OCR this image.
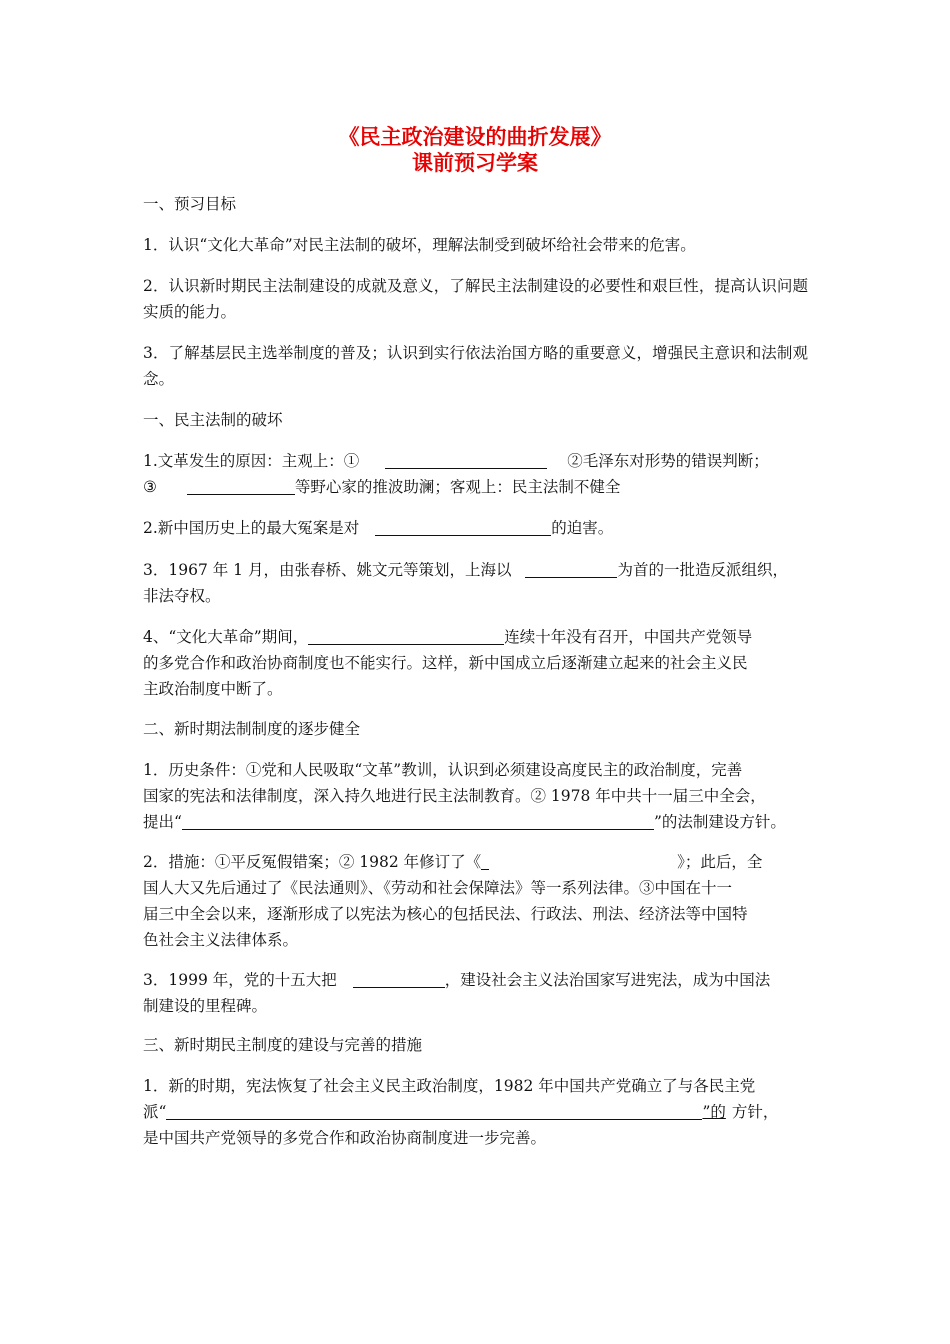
《民主政治建设的曲折发展》
课前预习学案
一、预习目标
1．认识“文化大革命”对民主法制的破坏，理解法制受到破坏给社会带来的危害。
2．认识新时期民主法制建设的成就及意义，了解民主法制建设的必要性和艰巨性，提高认识问题实质的能力。
3．了解基层民主选举制度的普及；认识到实行依法治国方略的重要意义，增强民主意识和法制观念。
一、民主法制的破坏
1.文革发生的原因：主观上：①	②毛泽东对形势的错误判断；
③	等野心家的推波助澜；客观上：民主法制不健全
2.新中国历史上的最大冤案是对	的迫害。
3．1967 年 1 月，由张春桥、姚文元等策划，上海以	为首的一批造反派组织，
非法夺权。
4、“文化大革命”期间，	连续十年没有召开，中国共产党领导
的多党合作和政治协商制度也不能实行。这样，新中国成立后逐渐建立起来的社会主义民
主政治制度中断了。
二、新时期法制制度的逐步健全
1．历史条件：①党和人民吸取“文革”教训，认识到必须建设高度民主的政治制度，完善
国家的宪法和法律制度，深入持久地进行民主法制教育。② 1978 年中共十一届三中全会，
提出“	”的法制建设方针。
2．措施：①平反冤假错案；② 1982 年修订了《	》；此后，全
国人大又先后通过了《民法通则》、《劳动和社会保障法》等一系列法律。③中国在十一
届三中全会以来，逐渐形成了以宪法为核心的包括民法、行政法、刑法、经济法等中国特
色社会主义法律体系。
3．1999 年，党的十五大把	，建设社会主义法治国家写进宪法，成为中国法
制建设的里程碑。
三、新时期民主制度的建设与完善的措施
1．新的时期，宪法恢复了社会主义民主政治制度，1982 年中国共产党确立了与各民主党
派“	”的 方针，
是中国共产党领导的多党合作和政治协商制度进一步完善。
